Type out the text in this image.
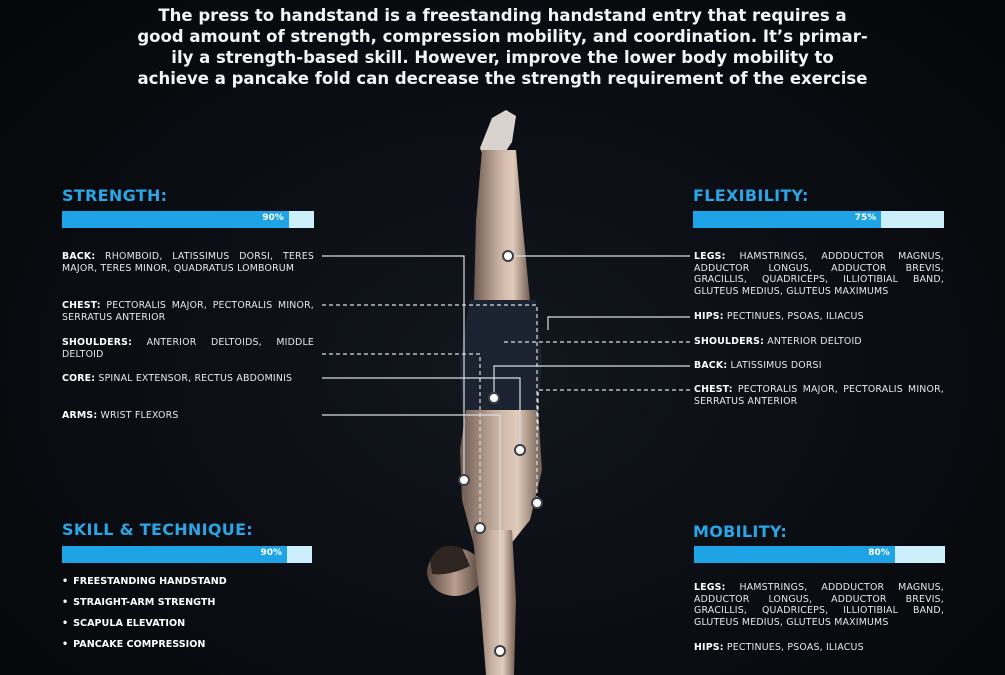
The press to handstand is a freestanding handstand entry that requires a
good amount of strength, compression mobility, and coordination. It’s primar-
ily a strength-based skill. However, improve the lower body mobility to
achieve a pancake fold can decrease the strength requirement of the exercise

STRENGTH:
90%
BACK: RHOMBOID, LATISSIMUS DORSI, TERES MAJOR, TERES MINOR, QUADRATUS LOMBORUM
CHEST: PECTORALIS MAJOR, PECTORALIS MINOR, SERRATUS ANTERIOR
SHOULDERS: ANTERIOR DELTOIDS, MIDDLE DELTOID
CORE: SPINAL EXTENSOR, RECTUS ABDOMINIS
ARMS: WRIST FLEXORS
FLEXIBILITY:
75%
LEGS: HAMSTRINGS, ADDDUCTOR MAGNUS, ADDUCTOR LONGUS, ADDUCTOR BREVIS, GRACILLIS, QUADRICEPS, ILLIOTIBIAL BAND, GLUTEUS MEDIUS, GLUTEUS MAXIMUMS
HIPS: PECTINUES, PSOAS, ILIACUS
SHOULDERS: ANTERIOR DELTOID
BACK: LATISSIMUS DORSI
CHEST: PECTORALIS MAJOR, PECTORALIS MINOR, SERRATUS ANTERIOR
SKILL & TECHNIQUE:
90%
• FREESTANDING HANDSTAND
• STRAIGHT-ARM STRENGTH
• SCAPULA ELEVATION
• PANCAKE COMPRESSION
MOBILITY:
80%
LEGS: HAMSTRINGS, ADDDUCTOR MAGNUS, ADDUCTOR LONGUS, ADDUCTOR BREVIS, GRACILLIS, QUADRICEPS, ILLIOTIBIAL BAND, GLUTEUS MEDIUS, GLUTEUS MAXIMUMS
HIPS: PECTINUES, PSOAS, ILIACUS
